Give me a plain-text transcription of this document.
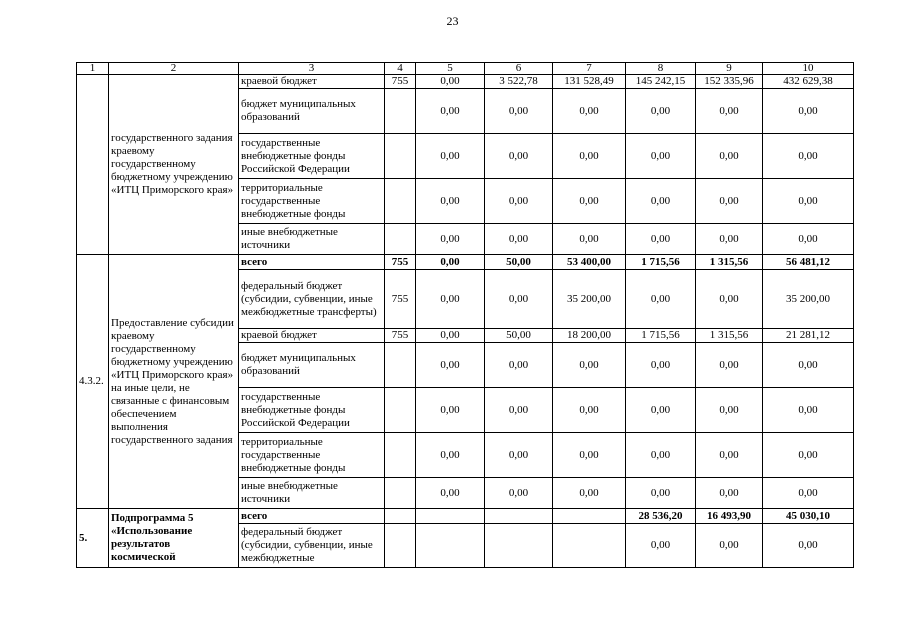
23
1	2	3	4	5	6	7	8	9	10
	государственного задания краевому государственному бюджетному учреждению «ИТЦ Приморского края»	краевой бюджет	755	0,00	3 522,78	131 528,49	145 242,15	152 335,96	432 629,38
		бюджет муниципальных образований		0,00	0,00	0,00	0,00	0,00	0,00
		государственные внебюджетные фонды Российской Федерации		0,00	0,00	0,00	0,00	0,00	0,00
		территориальные государственные внебюджетные фонды		0,00	0,00	0,00	0,00	0,00	0,00
		иные внебюджетные источники		0,00	0,00	0,00	0,00	0,00	0,00
4.3.2.	Предоставление субсидии краевому государственному бюджетному учреждению «ИТЦ Приморского края» на иные цели, не связанные с финансовым обеспечением выполнения государственного задания	всего	755	0,00	50,00	53 400,00	1 715,56	1 315,56	56 481,12
		федеральный бюджет (субсидии, субвенции, иные межбюджетные трансферты)	755	0,00	0,00	35 200,00	0,00	0,00	35 200,00
		краевой бюджет	755	0,00	50,00	18 200,00	1 715,56	1 315,56	21 281,12
		бюджет муниципальных образований		0,00	0,00	0,00	0,00	0,00	0,00
		государственные внебюджетные фонды Российской Федерации		0,00	0,00	0,00	0,00	0,00	0,00
		территориальные государственные внебюджетные фонды		0,00	0,00	0,00	0,00	0,00	0,00
		иные внебюджетные источники		0,00	0,00	0,00	0,00	0,00	0,00
5.	Подпрограмма 5 «Использование результатов космической	всего					28 536,20	16 493,90	45 030,10
		федеральный бюджет (субсидии, субвенции, иные межбюджетные					0,00	0,00	0,00
